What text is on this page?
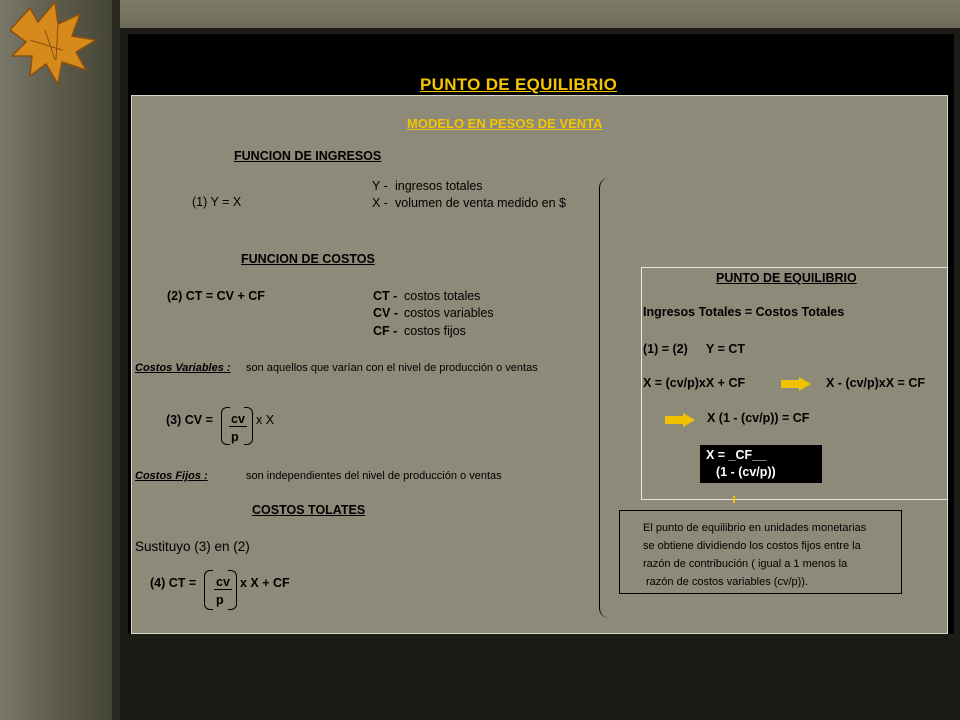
PUNTO DE EQUILIBRIO
MODELO EN PESOS DE VENTA
FUNCION DE INGRESOS
(1) Y = X
Y - ingresos totales
X - volumen de venta medido en $
FUNCION DE COSTOS
(2) CT = CV + CF	CT - costos totales
CV - costos variables
CF - costos fijos
Costos Variables : son aquellos que varían con el nivel de producción o ventas
(3) CV = cv
p
x X
Costos Fijos :	son independientes del nivel de producción o ventas
COSTOS TOLATES
Sustituyo (3) en (2)
(4) CT = cv
p
x X + CF
PUNTO DE EQUILIBRIO
Ingresos Totales = Costos Totales
(1) = (2) Y = CT
X = (cv/p)xX + CF	X - (cv/p)xX = CF
X (1 - (cv/p)) = CF
X = _CF__
(1 - (cv/p))
El punto de equilibrio en unidades monetarias
se obtiene dividiendo los costos fijos entre la
razón de contribución ( igual a 1 menos la
razón de costos variables (cv/p)).
Ec. Sebastián Ruiz	20
